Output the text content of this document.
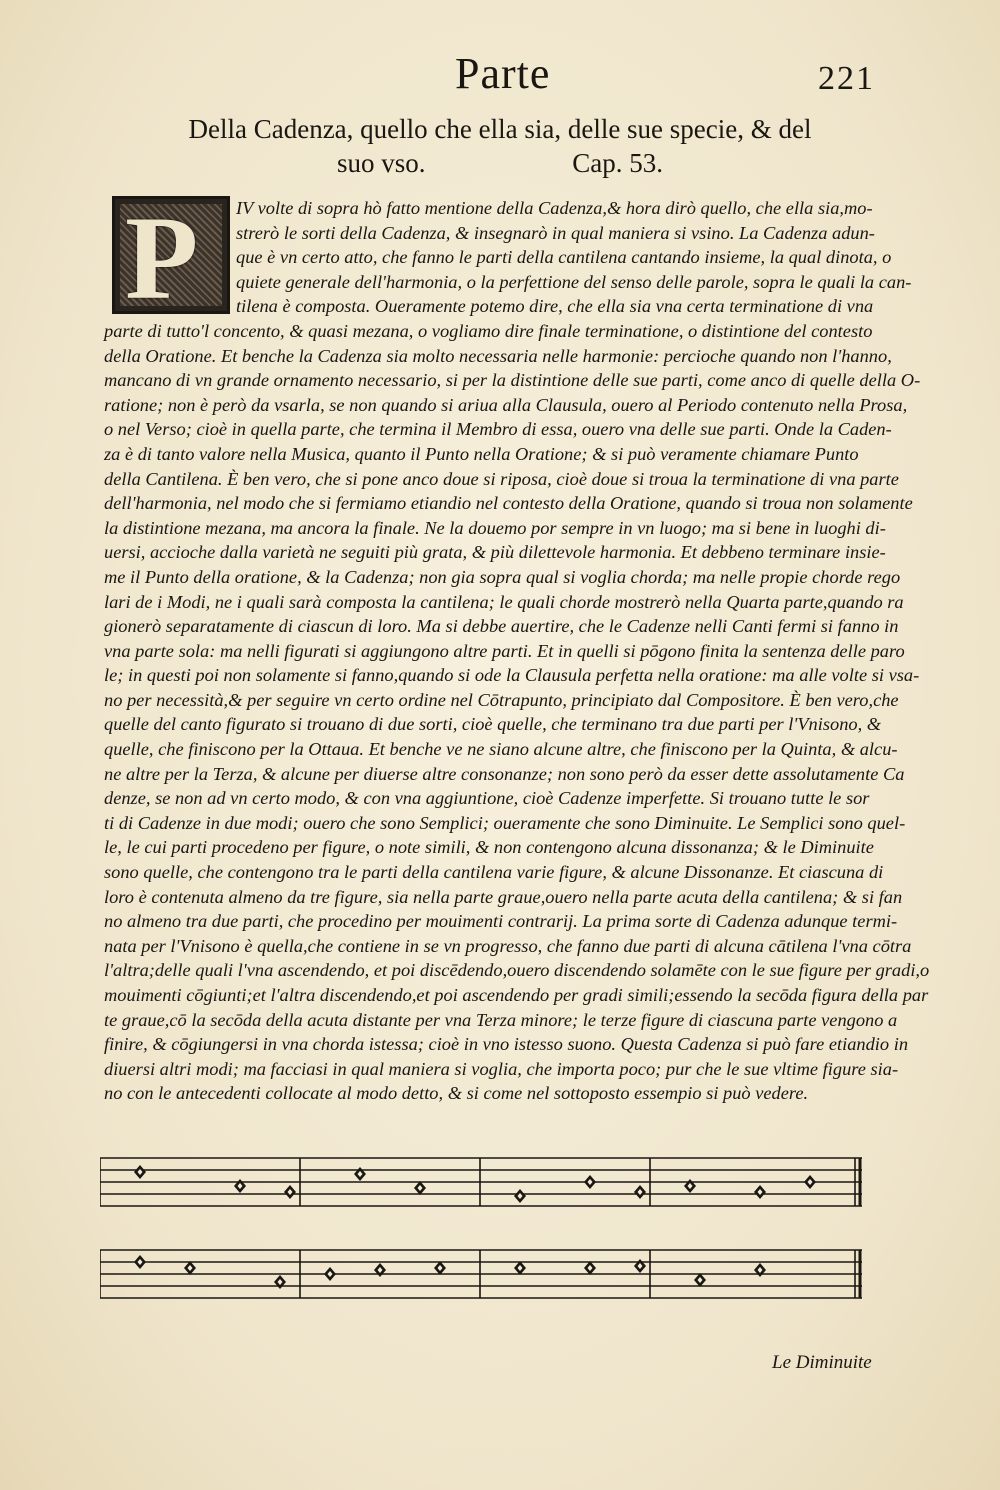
Parte	221
Della Cadenza, quello che ella sia, delle sue specie, & del
suo vso.	Cap. 53.
P	IV volte di sopra hò fatto mentione della Cadenza,& hora dirò quello, che ella sia,mo-
strerò le sorti della Cadenza, & insegnarò in qual maniera si vsino. La Cadenza adun-
que è vn certo atto, che fanno le parti della cantilena cantando insieme, la qual dinota, o
quiete generale dell'harmonia, o la perfettione del senso delle parole, sopra le quali la can-
tilena è composta. Oueramente potemo dire, che ella sia vna certa terminatione di vna
parte di tutto'l concento, & quasi mezana, o vogliamo dire finale terminatione, o distintione del contesto
della Oratione. Et benche la Cadenza sia molto necessaria nelle harmonie: percioche quando non l'hanno,
mancano di vn grande ornamento necessario, si per la distintione delle sue parti, come anco di quelle della O-
ratione; non è però da vsarla, se non quando si ariua alla Clausula, ouero al Periodo contenuto nella Prosa,
o nel Verso; cioè in quella parte, che termina il Membro di essa, ouero vna delle sue parti. Onde la Caden-
za è di tanto valore nella Musica, quanto il Punto nella Oratione; & si può veramente chiamare Punto
della Cantilena. È ben vero, che si pone anco doue si riposa, cioè doue si troua la terminatione di vna parte
dell'harmonia, nel modo che si fermiamo etiandio nel contesto della Oratione, quando si troua non solamente
la distintione mezana, ma ancora la finale. Ne la douemo por sempre in vn luogo; ma si bene in luoghi di-
uersi, accioche dalla varietà ne seguiti più grata, & più dilettevole harmonia. Et debbeno terminare insie-
me il Punto della oratione, & la Cadenza; non gia sopra qual si voglia chorda; ma nelle propie chorde rego
lari de i Modi, ne i quali sarà composta la cantilena; le quali chorde mostrerò nella Quarta parte,quando ra
gionerò separatamente di ciascun di loro. Ma si debbe auertire, che le Cadenze nelli Canti fermi si fanno in
vna parte sola: ma nelli figurati si aggiungono altre parti. Et in quelli si pōgono finita la sentenza delle paro
le; in questi poi non solamente si fanno,quando si ode la Clausula perfetta nella oratione: ma alle volte si vsa-
no per necessità,& per seguire vn certo ordine nel Cōtrapunto, principiato dal Compositore. È ben vero,che
quelle del canto figurato si trouano di due sorti, cioè quelle, che terminano tra due parti per l'Vnisono, &
quelle, che finiscono per la Ottaua. Et benche ve ne siano alcune altre, che finiscono per la Quinta, & alcu-
ne altre per la Terza, & alcune per diuerse altre consonanze; non sono però da esser dette assolutamente Ca
denze, se non ad vn certo modo, & con vna aggiuntione, cioè Cadenze imperfette. Si trouano tutte le sor
ti di Cadenze in due modi; ouero che sono Semplici; oueramente che sono Diminuite. Le Semplici sono quel-
le, le cui parti procedeno per figure, o note simili, & non contengono alcuna dissonanza; & le Diminuite
sono quelle, che contengono tra le parti della cantilena varie figure, & alcune Dissonanze. Et ciascuna di
loro è contenuta almeno da tre figure, sia nella parte graue,ouero nella parte acuta della cantilena; & si fan
no almeno tra due parti, che procedino per mouimenti contrarij. La prima sorte di Cadenza adunque termi-
nata per l'Vnisono è quella,che contiene in se vn progresso, che fanno due parti di alcuna cātilena l'vna cōtra
l'altra;delle quali l'vna ascendendo, et poi discēdendo,ouero discendendo solamēte con le sue figure per gradi,o
mouimenti cōgiunti;et l'altra discendendo,et poi ascendendo per gradi simili;essendo la secōda figura della par
te graue,cō la secōda della acuta distante per vna Terza minore; le terze figure di ciascuna parte vengono a
finire, & cōgiungersi in vna chorda istessa; cioè in vno istesso suono. Questa Cadenza si può fare etiandio in
diuersi altri modi; ma facciasi in qual maniera si voglia, che importa poco; pur che le sue vltime figure sia-
no con le antecedenti collocate al modo detto, & si come nel sottoposto essempio si può vedere.
Le Diminuite
